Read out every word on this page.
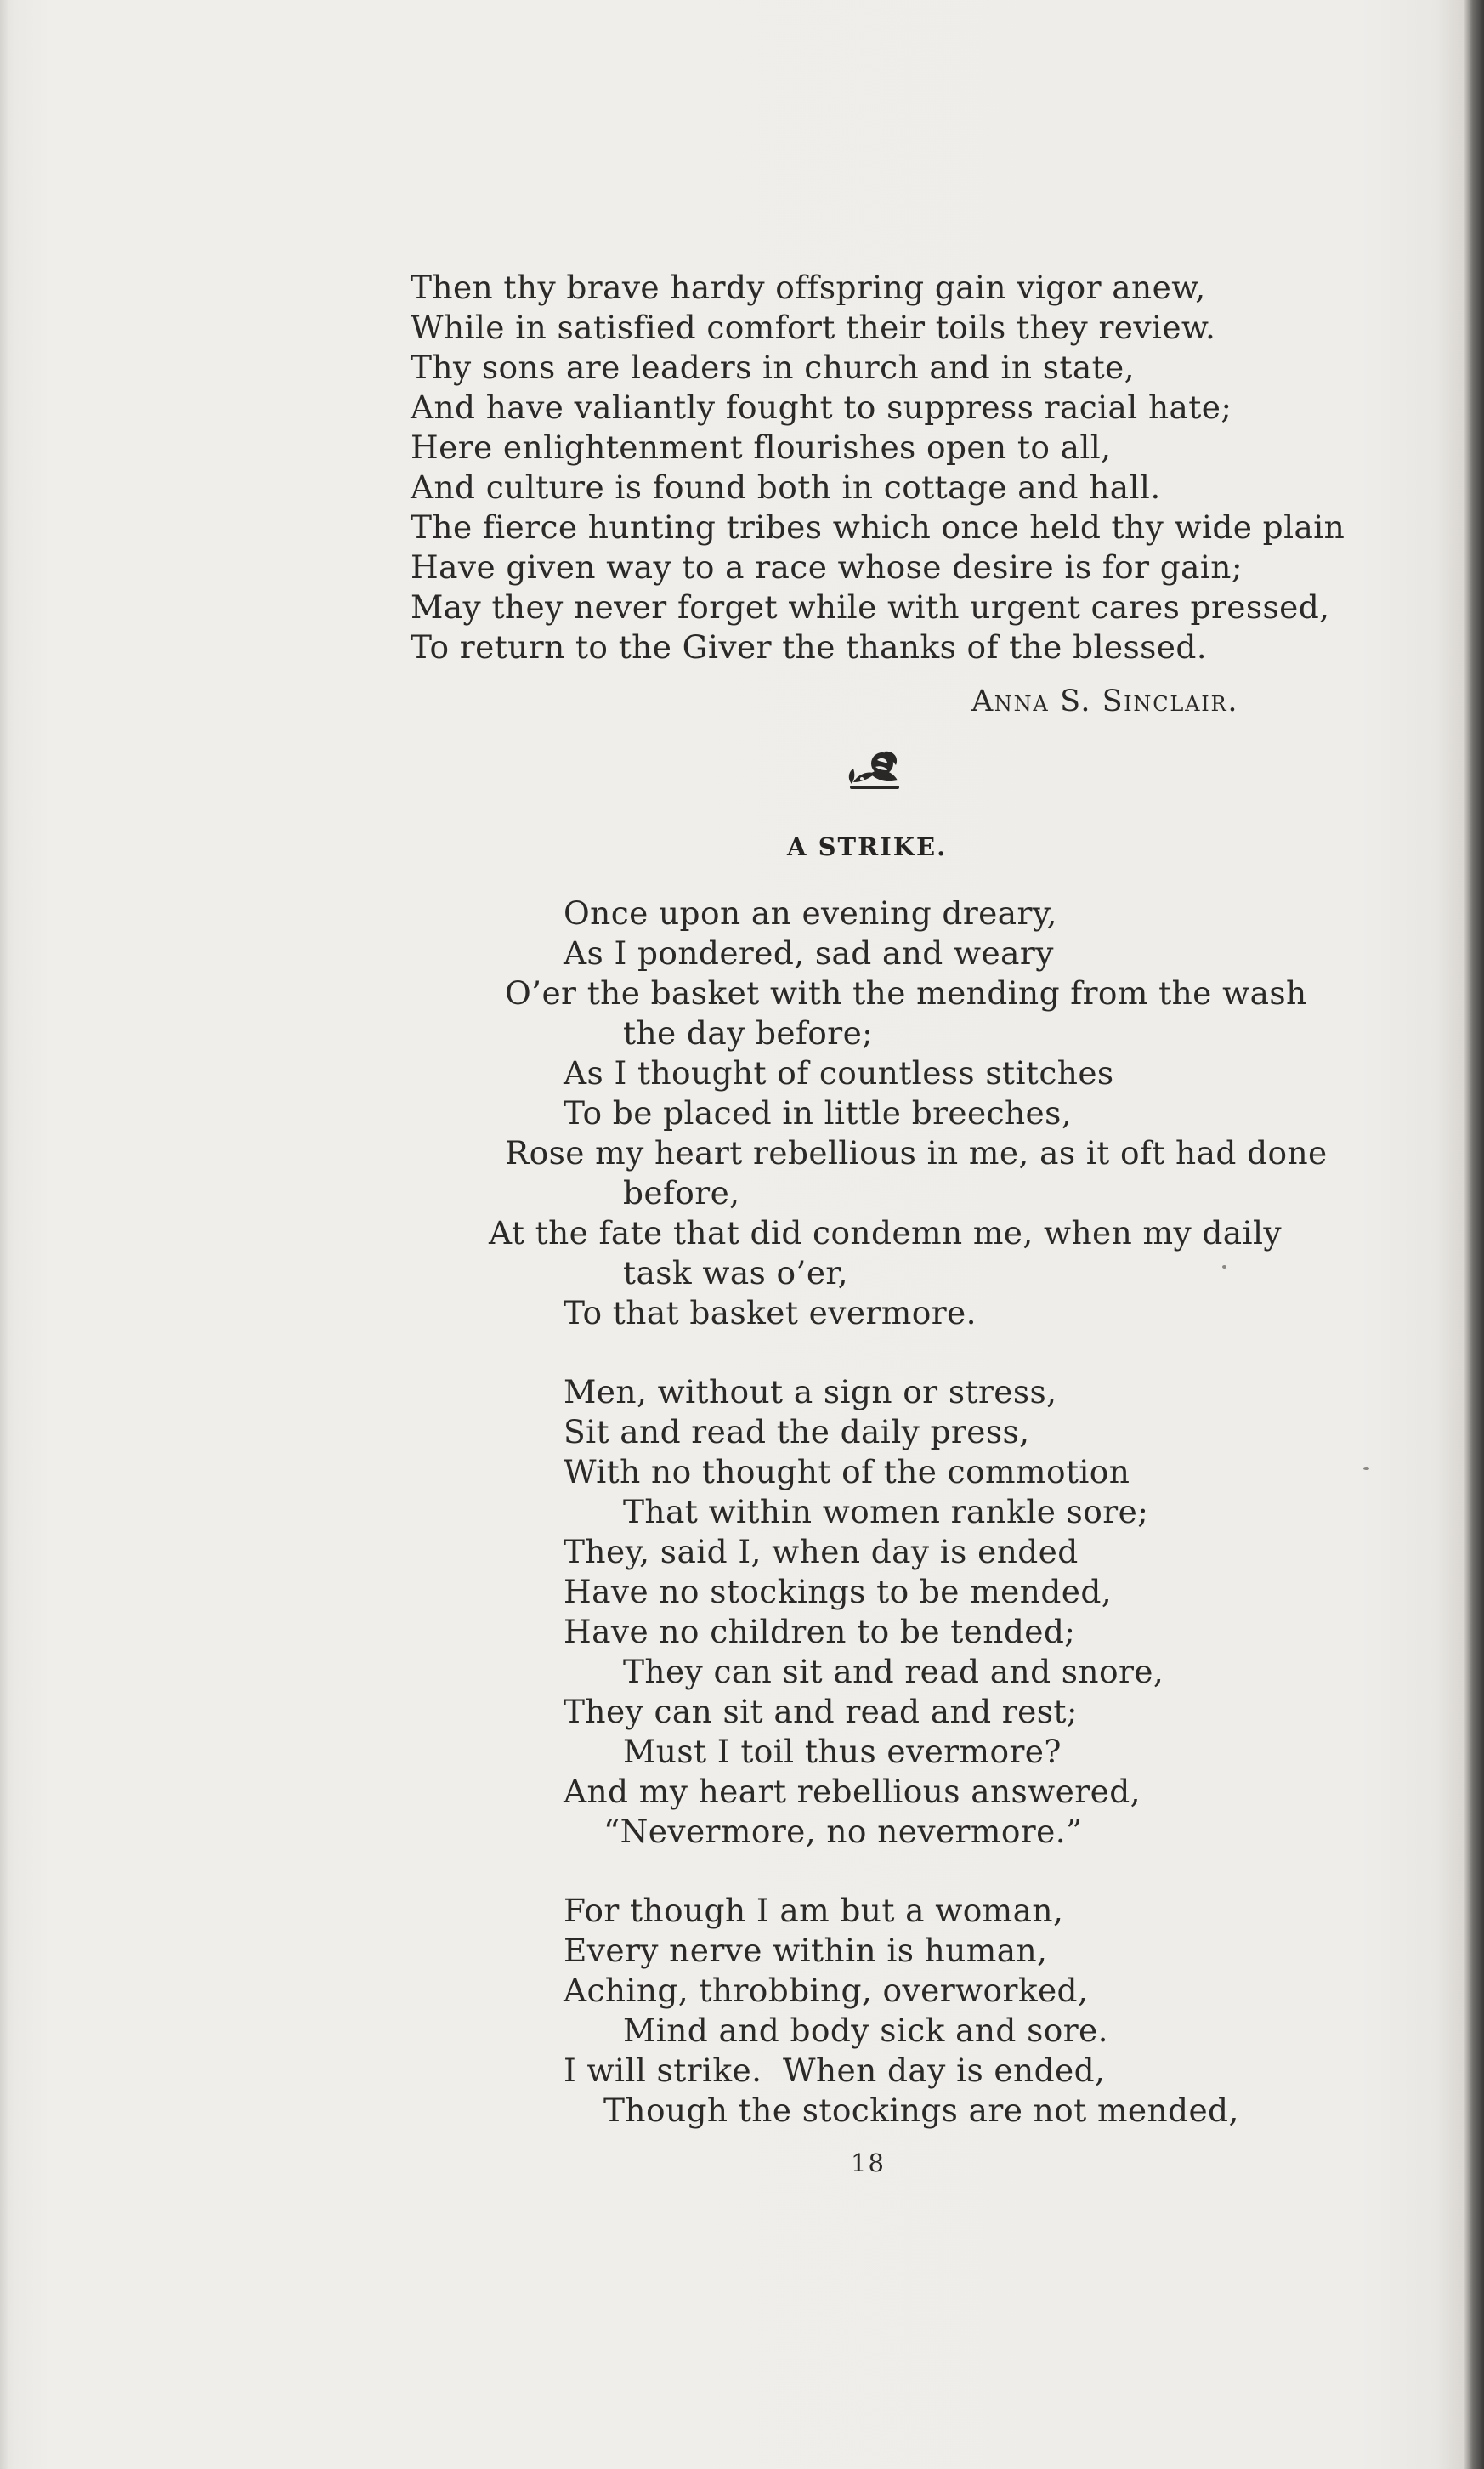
Then thy brave hardy offspring gain vigor anew,
While in satisfied comfort their toils they review.
Thy sons are leaders in church and in state,
And have valiantly fought to suppress racial hate;
Here enlightenment flourishes open to all,
And culture is found both in cottage and hall.
The fierce hunting tribes which once held thy wide plain
Have given way to a race whose desire is for gain;
May they never forget while with urgent cares pressed,
To return to the Giver the thanks of the blessed.
ANNA S. SINCLAIR.
A STRIKE.
Once upon an evening dreary,
As I pondered, sad and weary
O’er the basket with the mending from the wash
the day before;
As I thought of countless stitches
To be placed in little breeches,
Rose my heart rebellious in me, as it oft had done
before,
At the fate that did condemn me, when my daily
task was o’er,
To that basket evermore.
Men, without a sign or stress,
Sit and read the daily press,
With no thought of the commotion
That within women rankle sore;
They, said I, when day is ended
Have no stockings to be mended,
Have no children to be tended;
They can sit and read and snore,
They can sit and read and rest;
Must I toil thus evermore?
And my heart rebellious answered,
“Nevermore, no nevermore.”
For though I am but a woman,
Every nerve within is human,
Aching, throbbing, overworked,
Mind and body sick and sore.
I will strike.  When day is ended,
Though the stockings are not mended,
18
